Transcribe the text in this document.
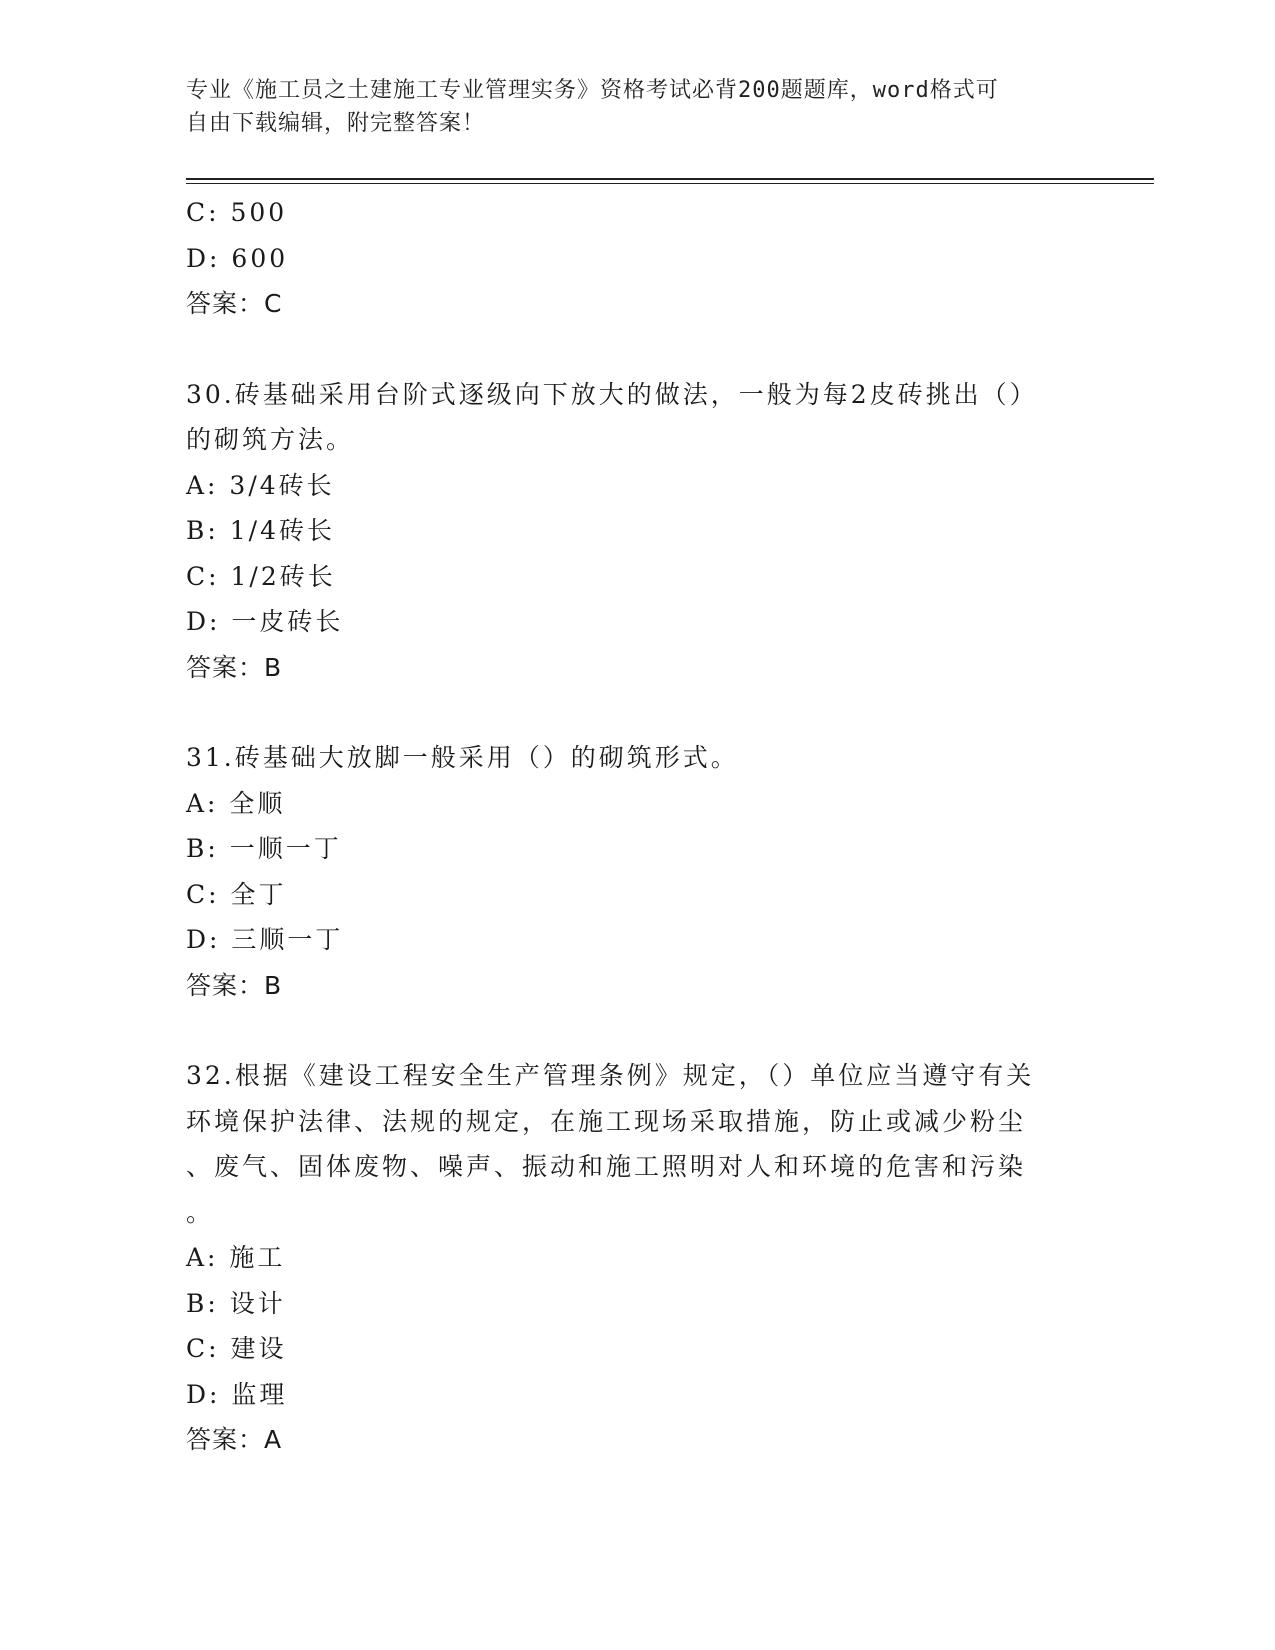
专业《施工员之土建施工专业管理实务》资格考试必背200题题库，word格式可
自由下载编辑，附完整答案！
C: 500
D: 600
答案：C
30.砖基础采用台阶式逐级向下放大的做法，一般为每2皮砖挑出（）
的砌筑方法。
A: 3/4砖长
B: 1/4砖长
C: 1/2砖长
D: 一皮砖长
答案：B
31.砖基础大放脚一般采用（）的砌筑形式。
A: 全顺
B: 一顺一丁
C: 全丁
D: 三顺一丁
答案：B
32.根据《建设工程安全生产管理条例》规定，（）单位应当遵守有关
环境保护法律、法规的规定，在施工现场采取措施，防止或减少粉尘
、废气、固体废物、噪声、振动和施工照明对人和环境的危害和污染
。
A: 施工
B: 设计
C: 建设
D: 监理
答案：A
